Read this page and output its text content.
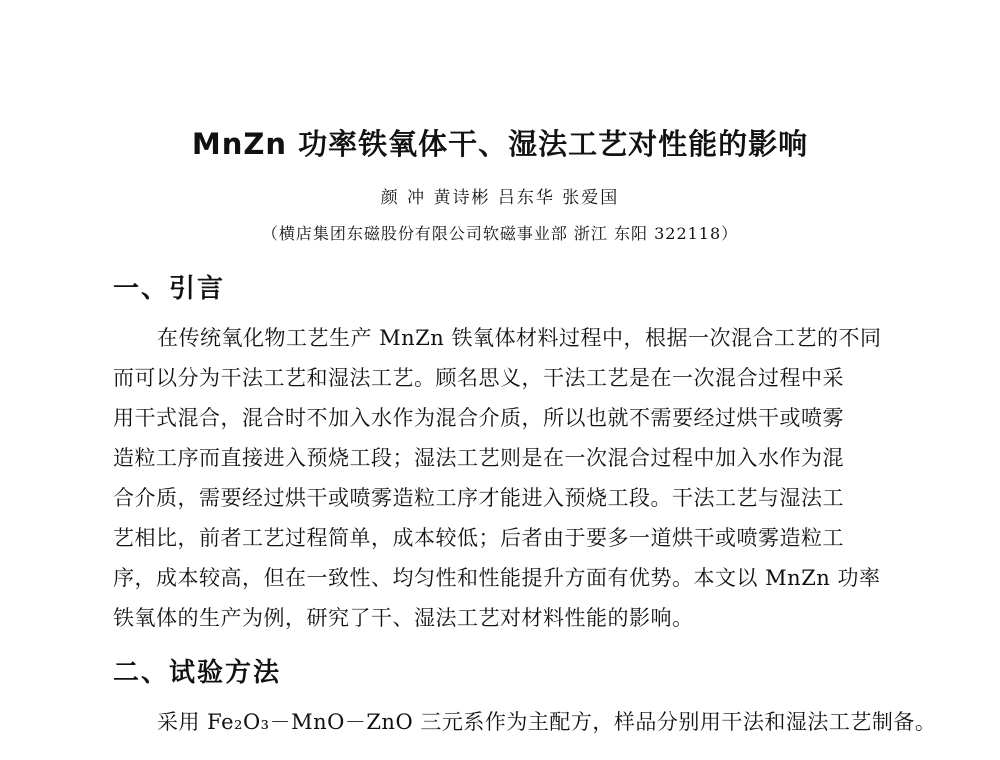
MnZn 功率铁氧体干、湿法工艺对性能的影响
颜 冲 黄诗彬 吕东华 张爱国
（横店集团东磁股份有限公司软磁事业部 浙江 东阳 322118）
一、引言
在传统氧化物工艺生产 MnZn 铁氧体材料过程中，根据一次混合工艺的不同
而可以分为干法工艺和湿法工艺。顾名思义，干法工艺是在一次混合过程中采
用干式混合，混合时不加入水作为混合介质，所以也就不需要经过烘干或喷雾
造粒工序而直接进入预烧工段；湿法工艺则是在一次混合过程中加入水作为混
合介质，需要经过烘干或喷雾造粒工序才能进入预烧工段。干法工艺与湿法工
艺相比，前者工艺过程简单，成本较低；后者由于要多一道烘干或喷雾造粒工
序，成本较高，但在一致性、均匀性和性能提升方面有优势。本文以 MnZn 功率
铁氧体的生产为例，研究了干、湿法工艺对材料性能的影响。
二、试验方法
采用 Fe₂O₃－MnO－ZnO 三元系作为主配方，样品分别用干法和湿法工艺制备。
